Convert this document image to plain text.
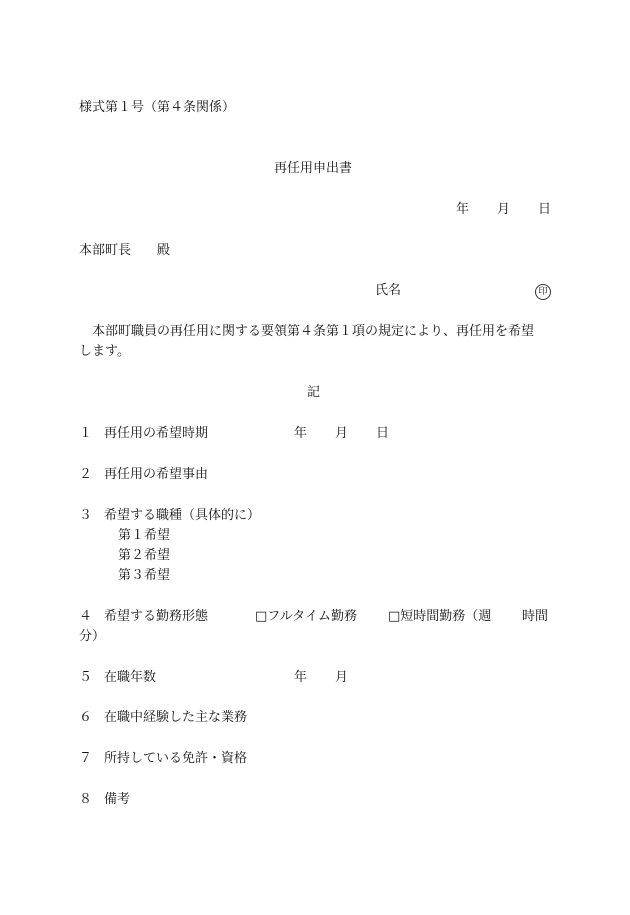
様式第１号（第４条関係）
再任用申出書
年 月 日
本部町長 殿
氏名	印
本部町職員の再任用に関する要領第４条第１項の規定により、再任用を希望
します。
記
１ 再任用の希望時期	年 月 日
２ 再任用の希望事由
３ 希望する職種（具体的に）
第１希望
第２希望
第３希望
４ 希望する勤務形態	□フルタイム勤務 □短時間勤務（週 時間
分）
５ 在職年数	年 月
６ 在職中経験した主な業務
７ 所持している免許・資格
８ 備考
